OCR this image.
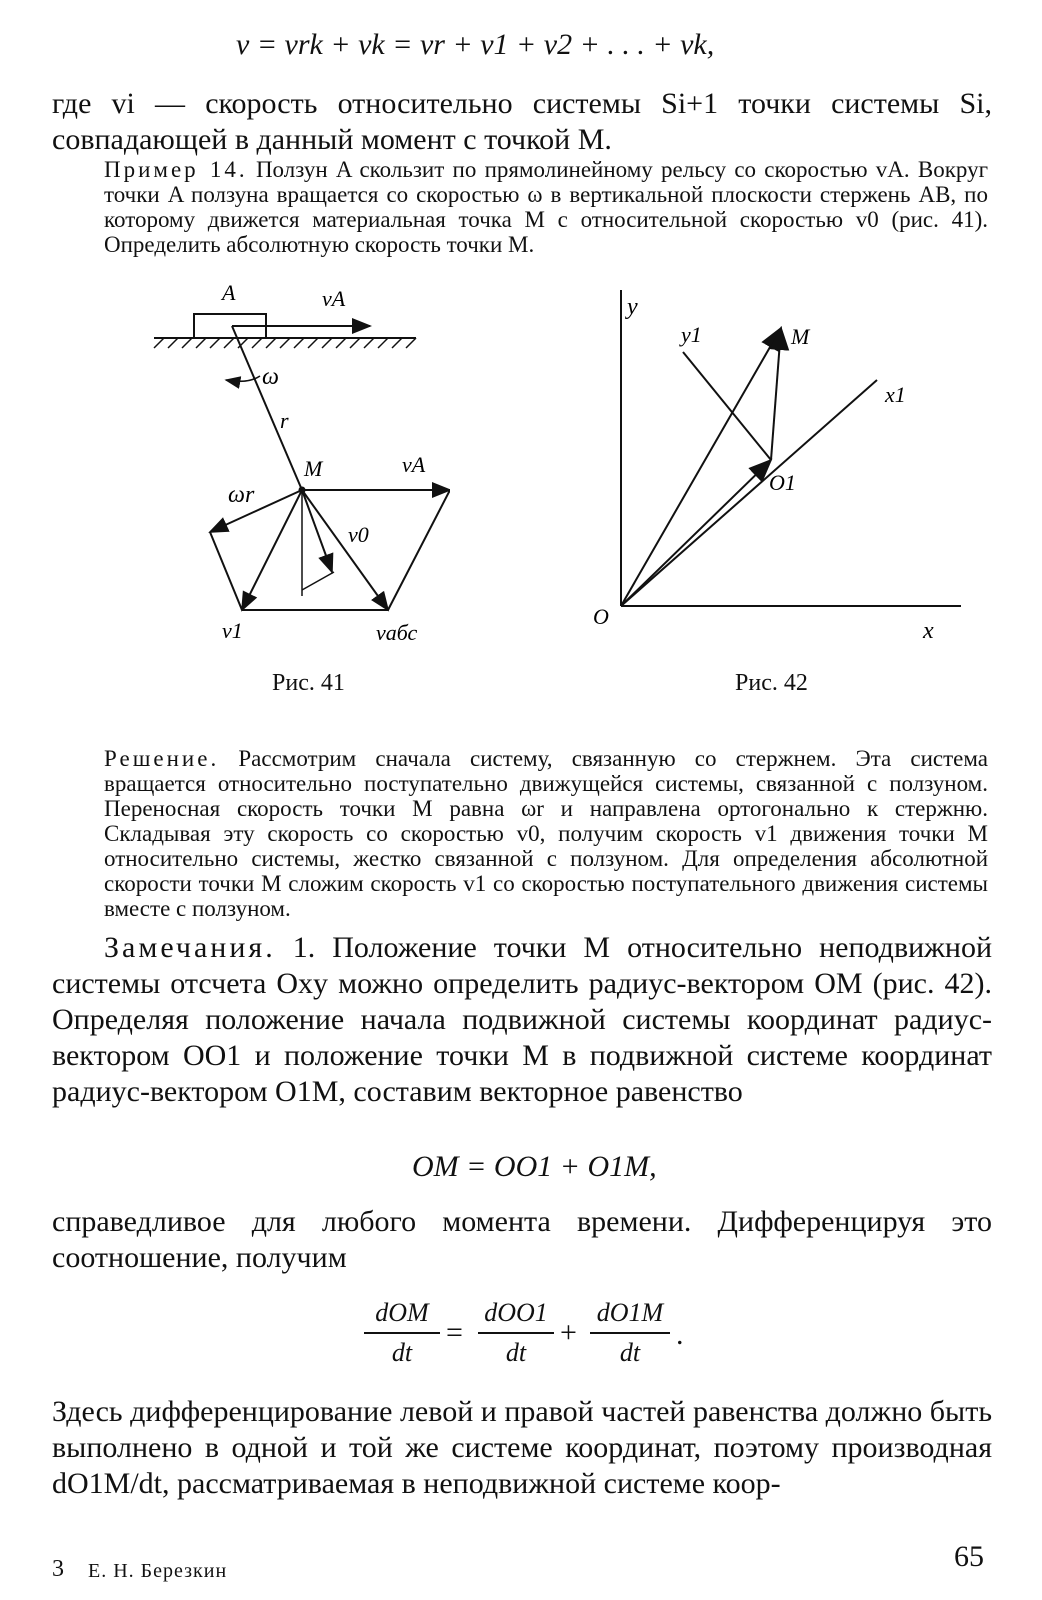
v = vrk + vk = vr + v1 + v2 + . . . + vk,
где vi — скорость относительно системы Si+1 точки системы Si, совпадающей в данный момент с точкой M.
Пример 14. Ползун A скользит по прямолинейному рельсу со скоростью vA. Вокруг точки A ползуна вращается со скоростью ω в вертикальной плоскости стержень AB, по которому движется материальная точка M с относительной скоростью v0 (рис. 41). Определить абсолютную скорость точки M.
A	vA
ω
r
M	vA
ωr
v0
v1	vабс
Рис. 41
y
x
O
x1
y1	M
O1
Рис. 42
Решение. Рассмотрим сначала систему, связанную со стержнем. Эта система вращается относительно поступательно движущейся системы, связанной с ползуном. Переносная скорость точки M равна ωr и направлена ортогонально к стержню. Складывая эту скорость со скоростью v0, получим скорость v1 движения точки M относительно системы, жестко связанной с ползуном. Для определения абсолютной скорости точки M сложим скорость v1 со скоростью поступательного движения системы вместе с ползуном.
Замечания. 1. Положение точки M относительно неподвижной системы отсчета Oxy можно определить радиус-вектором OM (рис. 42). Определяя положение начала подвижной системы координат радиус-вектором OO1 и положение точки M в подвижной системе координат радиус-вектором O1M, составим векторное равенство
OM = OO1 + O1M,
справедливое для любого момента времени. Дифференцируя это соотношение, получим
dOM
dt
=
dOO1
dt
+
dO1M
dt
.
Здесь дифференцирование левой и правой частей равенства должно быть выполнено в одной и той же системе координат, поэтому производная dO1M/dt, рассматриваемая в неподвижной системе коор-
3 Е. Н. Березкин	65
